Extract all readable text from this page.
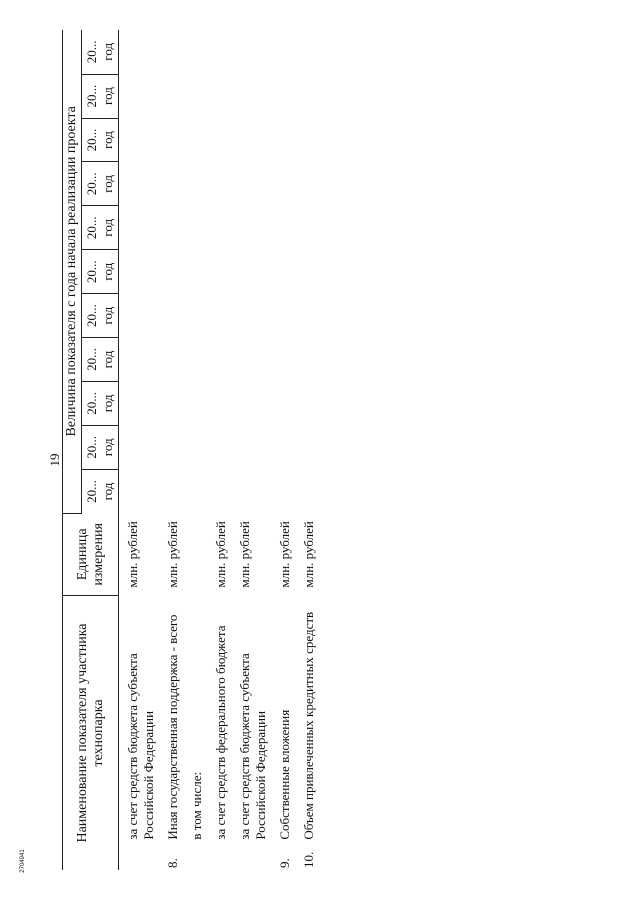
19
2704941
Наименование показателя участника технопарка		Единица измерения	Величина показателя с года начала реализации проекта										
			20... год	20... год	20... год	20... год	20... год	20... год	20... год	20... год	20... год	20... год	20... год
	за счет средств бюджета субъекта Российской Федерации	млн. рублей											
8.	Иная государственная поддержка - всего	млн. рублей											
	в том числе:												
	за счет средств федерального бюджета	млн. рублей											
	за счет средств бюджета субъекта Российской Федерации	млн. рублей											
9.	Собственные вложения	млн. рублей											
10.	Объем привлеченных кредитных средств	млн. рублей											
